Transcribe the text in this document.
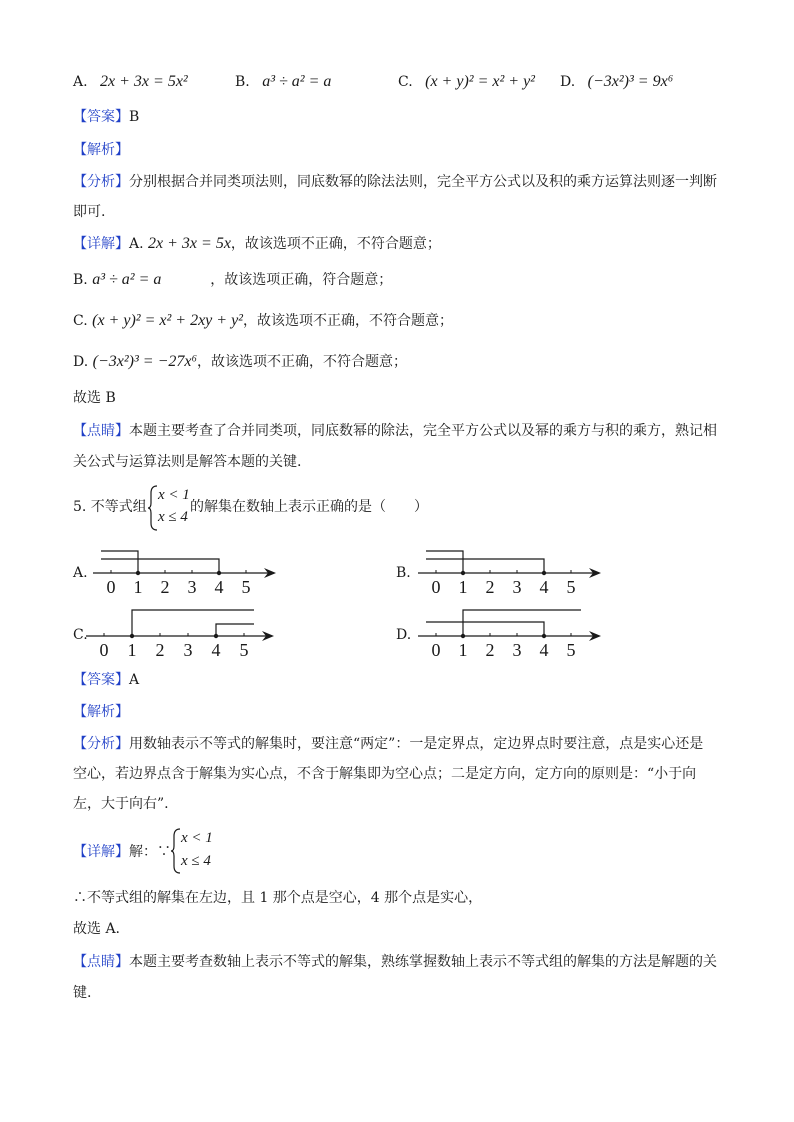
A. 2x + 3x = 5x²	B. a³ ÷ a² = a	C. (x + y)² = x² + y² D. (−3x²)³ = 9x⁶
【答案】B
【解析】
【分析】分别根据合并同类项法则，同底数幂的除法法则，完全平方公式以及积的乘方运算法则逐一判断
即可.
【详解】A. 2x + 3x = 5x，故该选项不正确，不符合题意；
B. a³ ÷ a² = a	，故该选项正确，符合题意；
C. (x + y)² = x² + 2xy + y²，故该选项不正确，不符合题意；
D. (−3x²)³ = −27x⁶，故该选项不正确，不符合题意；
故选 B
【点睛】本题主要考查了合并同类项，同底数幂的除法，完全平方公式以及幂的乘方与积的乘方，熟记相
关公式与运算法则是解答本题的关键.
5. 不等式组
x < 1
x ≤ 4
的解集在数轴上表示正确的是（　　）
A.	B.
C.	D.
0 1 2 3 4 5	0 1 2 3 4 5
0 1 2 3 4 5	0 1 2 3 4 5
【答案】A
【解析】
【分析】用数轴表示不等式的解集时，要注意“两定”：一是定界点，定边界点时要注意，点是实心还是
空心，若边界点含于解集为实心点，不含于解集即为空心点；二是定方向，定方向的原则是：“小于向
左，大于向右”.
【详解】解：∵
x < 1
x ≤ 4
∴不等式组的解集在左边，且 1 那个点是空心，4 那个点是实心，
故选 A.
【点睛】本题主要考查数轴上表示不等式的解集，熟练掌握数轴上表示不等式组的解集的方法是解题的关
键.
